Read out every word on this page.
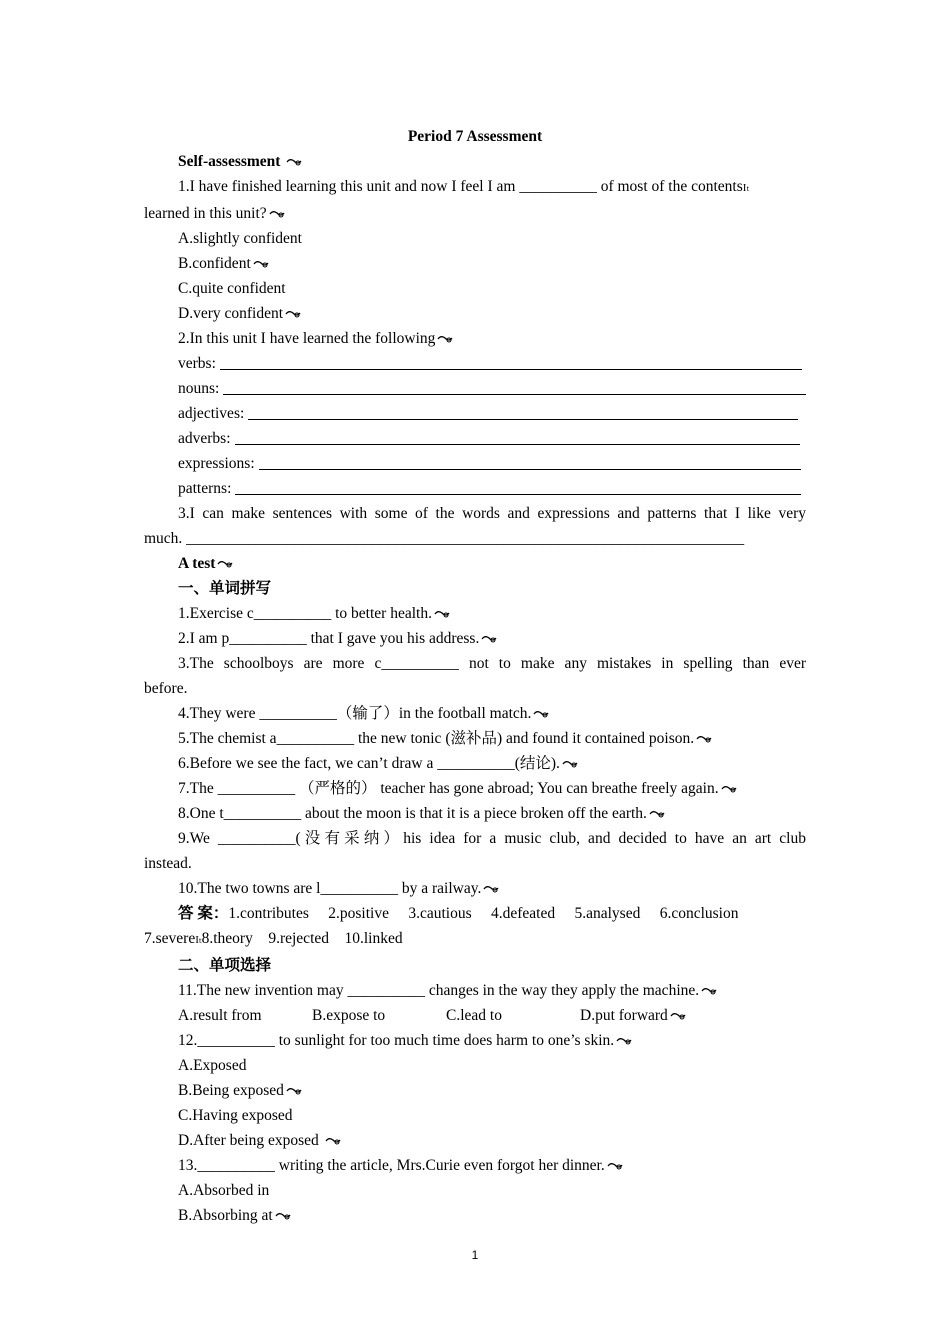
Period 7 Assessment
Self-assessment
1.I have finished learning this unit and now I feel I am __________ of most of the contentsIₜ
learned in this unit?
A.slightly confident
B.confident
C.quite confident
D.very confident
2.In this unit I have learned the following
verbs:
nouns:
adjectives:
adverbs:
expressions:
patterns:
3.I can make sentences with some of the words and expressions and patterns that I like very
much. ________________________________________________________________________
A test
一、单词拼写
1.Exercise c__________ to better health.
2.I am p__________ that I gave you his address.
3.The schoolboys are more c__________ not to make any mistakes in spelling than ever
before.
4.They were __________（输了）in the football match.
5.The chemist a__________ the new tonic (滋补品) and found it contained poison.
6.Before we see the fact, we can’t draw a __________(结论).
7.The __________ （严格的） teacher has gone abroad; You can breathe freely again.
8.One t__________ about the moon is that it is a piece broken off the earth.
9.We __________(没有采纳）his idea for a music club, and decided to have an art club
instead.
10.The two towns are l__________ by a railway.
答 案：1.contributes     2.positive     3.cautious     4.defeated     5.analysed     6.conclusion
7.severeIₜ8.theory    9.rejected    10.linked
二、单项选择
11.The new invention may __________ changes in the way they apply the machine.
A.result from	B.expose to	C.lead to	D.put forward
12.__________ to sunlight for too much time does harm to one’s skin.
A.Exposed
B.Being exposed
C.Having exposed
D.After being exposed
13.__________ writing the article, Mrs.Curie even forgot her dinner.
A.Absorbed in
B.Absorbing at
1
